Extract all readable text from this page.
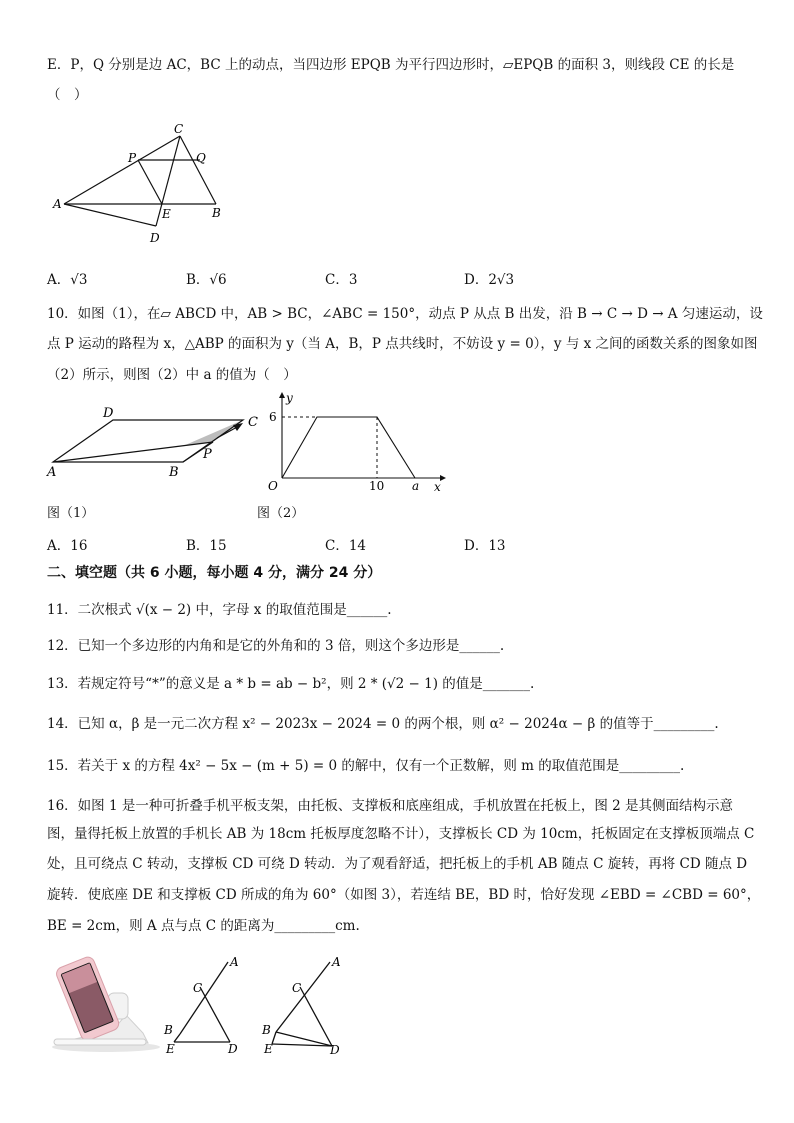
E．P，Q 分别是边 AC，BC 上的动点，当四边形 EPQB 为平行四边形时，▱EPQB 的面积 3，则线段 CE 的长是
（　）
C
P	Q
A
E	B
D
A．√3	B．√6	C．3	D．2√3
10．如图（1），在▱ ABCD 中，AB > BC，∠ABC = 150°，动点 P 从点 B 出发，沿 B → C → D → A 匀速运动，设
点 P 运动的路程为 x，△ABP 的面积为 y（当 A，B，P 点共线时，不妨设 y = 0），y 与 x 之间的函数关系的图象如图
（2）所示，则图（2）中 a 的值为（　）
D
C
A	B
P
y
6
O	10 a x
图（1）	图（2）
A．16	B．15	C．14	D．13
二、填空题（共 6 小题，每小题 4 分，满分 24 分）
11．二次根式 √(x − 2) 中，字母 x 的取值范围是______.
12．已知一个多边形的内角和是它的外角和的 3 倍，则这个多边形是______.
13．若规定符号“*”的意义是 a * b = ab − b²，则 2 * (√2 − 1) 的值是_______.
14．已知 α，β 是一元二次方程 x² − 2023x − 2024 = 0 的两个根，则 α² − 2024α − β 的值等于_________.
15．若关于 x 的方程 4x² − 5x − (m + 5) = 0 的解中，仅有一个正数解，则 m 的取值范围是_________.
16．如图 1 是一种可折叠手机平板支架，由托板、支撑板和底座组成，手机放置在托板上，图 2 是其侧面结构示意
图，量得托板上放置的手机长 AB 为 18cm 托板厚度忽略不计），支撑板长 CD 为 10cm，托板固定在支撑板顶端点 C
处，且可绕点 C 转动，支撑板 CD 可绕 D 转动．为了观看舒适，把托板上的手机 AB 随点 C 旋转，再将 CD 随点 D
旋转．使底座 DE 和支撑板 CD 所成的角为 60°（如图 3），若连结 BE，BD 时，恰好发现 ∠EBD = ∠CBD = 60°，
BE = 2cm，则 A 点与点 C 的距离为_________cm.
A
C
B
E	D
A
C
B
E	D
